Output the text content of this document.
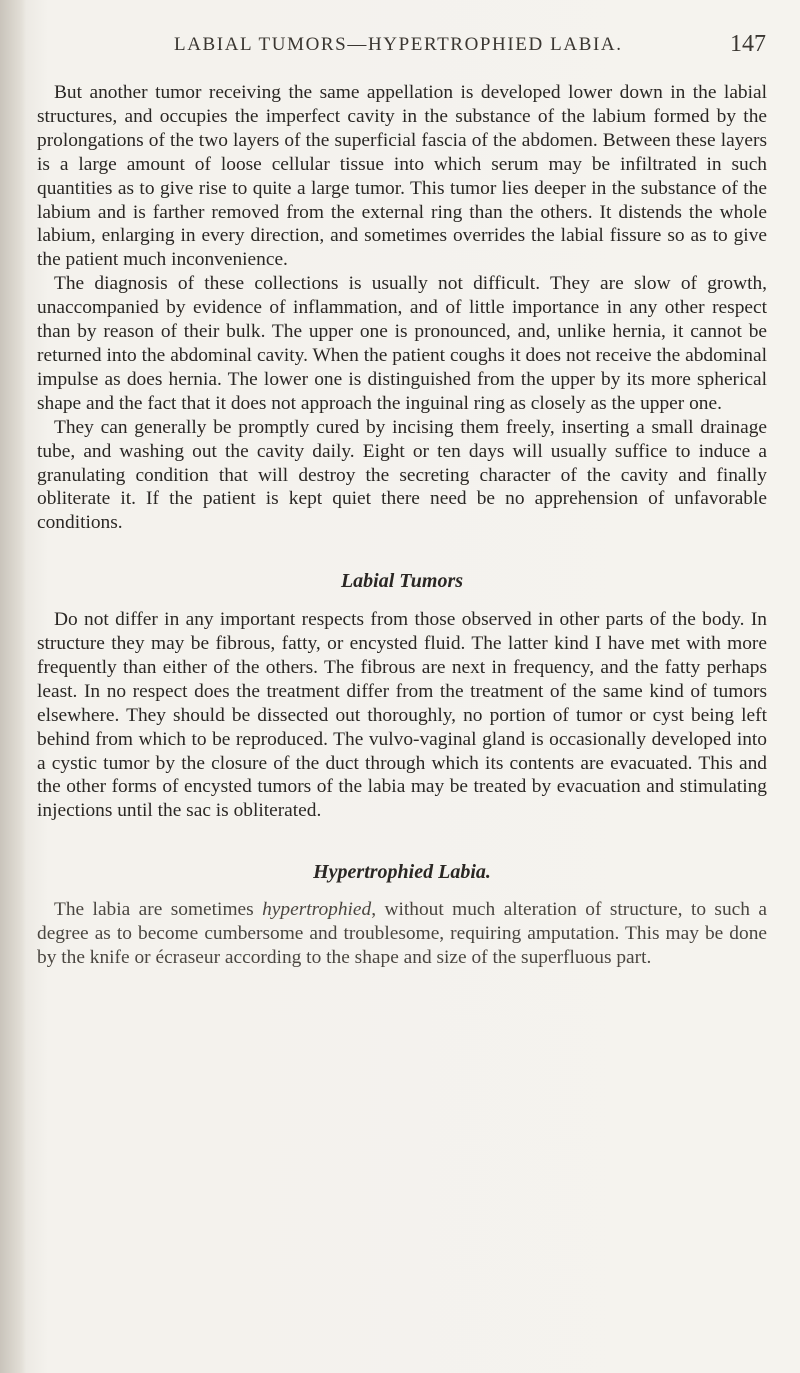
LABIAL TUMORS—HYPERTROPHIED LABIA.	147

But another tumor receiving the same appellation is developed lower down in the labial structures, and occupies the imperfect cavity in the substance of the labium formed by the prolongations of the two layers of the superficial fascia of the abdomen. Between these layers is a large amount of loose cellular tissue into which serum may be infiltrated in such quantities as to give rise to quite a large tumor. This tumor lies deeper in the substance of the labium and is farther removed from the external ring than the others. It distends the whole labium, enlarging in every direction, and sometimes overrides the labial fissure so as to give the patient much inconvenience.

The diagnosis of these collections is usually not difficult. They are slow of growth, unaccompanied by evidence of inflammation, and of little importance in any other respect than by reason of their bulk. The upper one is pronounced, and, unlike hernia, it cannot be returned into the abdominal cavity. When the patient coughs it does not receive the abdominal impulse as does hernia. The lower one is distinguished from the upper by its more spherical shape and the fact that it does not approach the inguinal ring as closely as the upper one.

They can generally be promptly cured by incising them freely, inserting a small drainage tube, and washing out the cavity daily. Eight or ten days will usually suffice to induce a granulating condition that will destroy the secreting character of the cavity and finally obliterate it. If the patient is kept quiet there need be no apprehension of unfavorable conditions.

Labial Tumors

Do not differ in any important respects from those observed in other parts of the body. In structure they may be fibrous, fatty, or encysted fluid. The latter kind I have met with more frequently than either of the others. The fibrous are next in frequency, and the fatty perhaps least. In no respect does the treatment differ from the treatment of the same kind of tumors elsewhere. They should be dissected out thoroughly, no portion of tumor or cyst being left behind from which to be reproduced. The vulvo-vaginal gland is occasionally developed into a cystic tumor by the closure of the duct through which its contents are evacuated. This and the other forms of encysted tumors of the labia may be treated by evacuation and stimulating injections until the sac is obliterated.

Hypertrophied Labia.

The labia are sometimes hypertrophied, without much alteration of structure, to such a degree as to become cumbersome and troublesome, requiring amputation. This may be done by the knife or écraseur according to the shape and size of the superfluous part.
